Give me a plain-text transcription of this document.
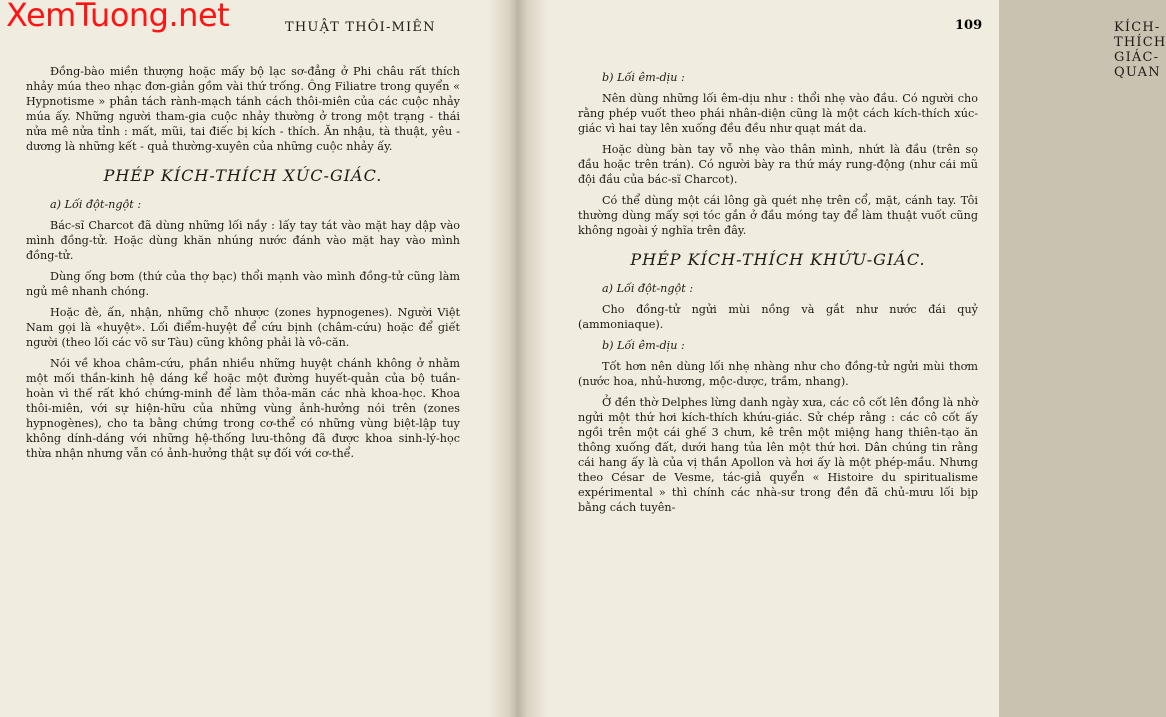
THUẬT THÔI-MIÊN

Đồng-bào miền thượng hoặc mấy bộ lạc sơ-đẳng ở Phi châu rất thích nhảy múa theo nhạc đơn-giản gồm vài thứ trống. Ông Filiatre trong quyển « Hypnotisme » phân tách rành-mạch tánh cách thôi-miên của các cuộc nhảy múa ấy. Những người tham-gia cuộc nhảy thường ở trong một trạng - thái nửa mê nửa tỉnh : mất, mũi, tai điếc bị kích - thích. Ăn nhậu, tà thuật, yêu - dương là những kết - quả thường-xuyên của những cuộc nhảy ấy.

PHÉP KÍCH-THÍCH XÚC-GIÁC.

a) Lối đột-ngột :

Bác-sĩ Charcot đã dùng những lối nầy : lấy tay tát vào mặt hay dập vào mình đồng-tử. Hoặc dùng khăn nhúng nước đánh vào mặt hay vào mình đồng-tử.

Dùng ống bơm (thứ của thợ bạc) thổi mạnh vào mình đồng-tử cũng làm ngủ mê nhanh chóng.

Hoặc đè, ấn, nhận, những chỗ nhược (zones hypnogenes). Người Việt Nam gọi là «huyệt». Lối điểm-huyệt để cứu bịnh (châm-cứu) hoặc để giết người (theo lối các võ sư Tàu) cũng không phải là vô-căn.

Nói về khoa châm-cứu, phần nhiều những huyệt chánh không ở nhằm một mối thần-kinh hệ dáng kể hoặc một đường huyết-quản của bộ tuần-hoàn vì thế rất khó chứng-minh để làm thỏa-mãn các nhà khoa-học. Khoa thôi-miên, với sự hiện-hữu của những vùng ảnh-hưởng nói trên (zones hypnogènes), cho ta bằng chứng trong cơ-thể có những vùng biệt-lập tuy không dính-dáng với những hệ-thống lưu-thông đã được khoa sinh-lý-học thừa nhận nhưng vẫn có ảnh-hưởng thật sự đối với cơ-thể.

KÍCH-THÍCH GIÁC-QUAN

b) Lối êm-dịu :

Nên dùng những lối êm-dịu như : thổi nhẹ vào đầu. Có người cho rằng phép vuốt theo phái nhân-diện cũng là một cách kích-thích xúc-giác vì hai tay lên xuống đều đều như quạt mát da.

Hoặc dùng bàn tay vỗ nhẹ vào thân mình, nhứt là đầu (trên sọ đầu hoặc trên trán). Có người bày ra thứ máy rung-động (như cái mũ đội đầu của bác-sĩ Charcot).

Có thể dùng một cái lông gà quét nhẹ trên cổ, mặt, cánh tay. Tôi thường dùng mấy sợi tóc gắn ở đầu móng tay để làm thuật vuốt cũng không ngoài ý nghĩa trên đây.

PHÉP KÍCH-THÍCH KHỨU-GIÁC.

a) Lối đột-ngột :

Cho đồng-tử ngửi mùi nồng và gắt như nước đái quỷ (ammoniaque).

b) Lối êm-dịu :

Tốt hơn nên dùng lối nhẹ nhàng như cho đồng-tử ngửi mùi thơm (nước hoa, nhủ-hương, mộc-dược, trầm, nhang).

Ở đền thờ Delphes lừng danh ngày xưa, các cô cốt lên đồng là nhờ ngửi một thứ hơi kích-thích khứu-giác. Sử chép rằng : các cô cốt ấy ngồi trên một cái ghế 3 chưn, kê trên một miệng hang thiên-tạo ăn thông xuống đất, dưới hang tủa lên một thứ hơi. Dân chúng tin rằng cái hang ấy là của vị thần Apollon và hơi ấy là một phép-mầu. Nhưng theo César de Vesme, tác-giả quyển « Histoire du spiritualisme expérimental » thì chính các nhà-sư trong đền đã chủ-mưu lối bịp bằng cách tuyên-

109
XemTuong.net
